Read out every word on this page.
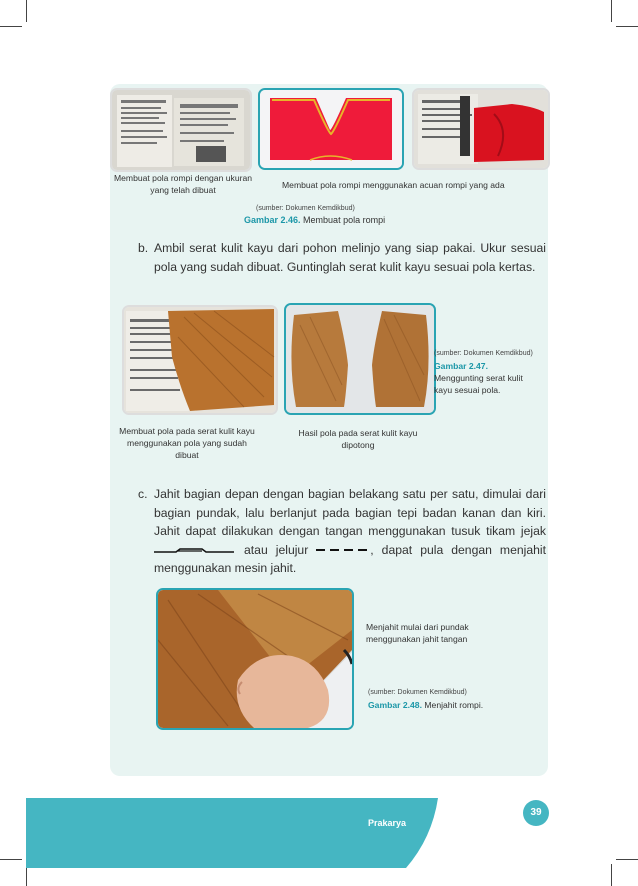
Membuat pola rompi dengan ukuran yang telah dibuat	Membuat pola rompi menggunakan acuan rompi yang ada
(sumber: Dokumen Kemdikbud)
Gambar 2.46. Membuat pola rompi
b. Ambil serat kulit kayu dari pohon melinjo yang siap pakai. Ukur sesuai pola yang sudah dibuat. Guntinglah serat kulit kayu sesuai pola kertas.
Membuat pola pada serat kulit kayu menggunakan pola yang sudah dibuat
Hasil pola pada serat kulit kayu dipotong
(sumber: Dokumen Kemdikbud)
Gambar 2.47.
Menggunting serat kulit kayu sesuai pola.
c. Jahit bagian depan dengan bagian belakang satu per satu, dimulai dari bagian pundak, lalu berlanjut pada bagian tepi badan kanan dan kiri. Jahit dapat dilakukan dengan tangan menggunakan tusuk tikam jejak  atau jelujur	, dapat pula dengan menjahit menggunakan mesin jahit.
Menjahit mulai dari pundak menggunakan jahit tangan
(sumber: Dokumen Kemdikbud)
Gambar 2.48. Menjahit rompi.
Prakarya
39
